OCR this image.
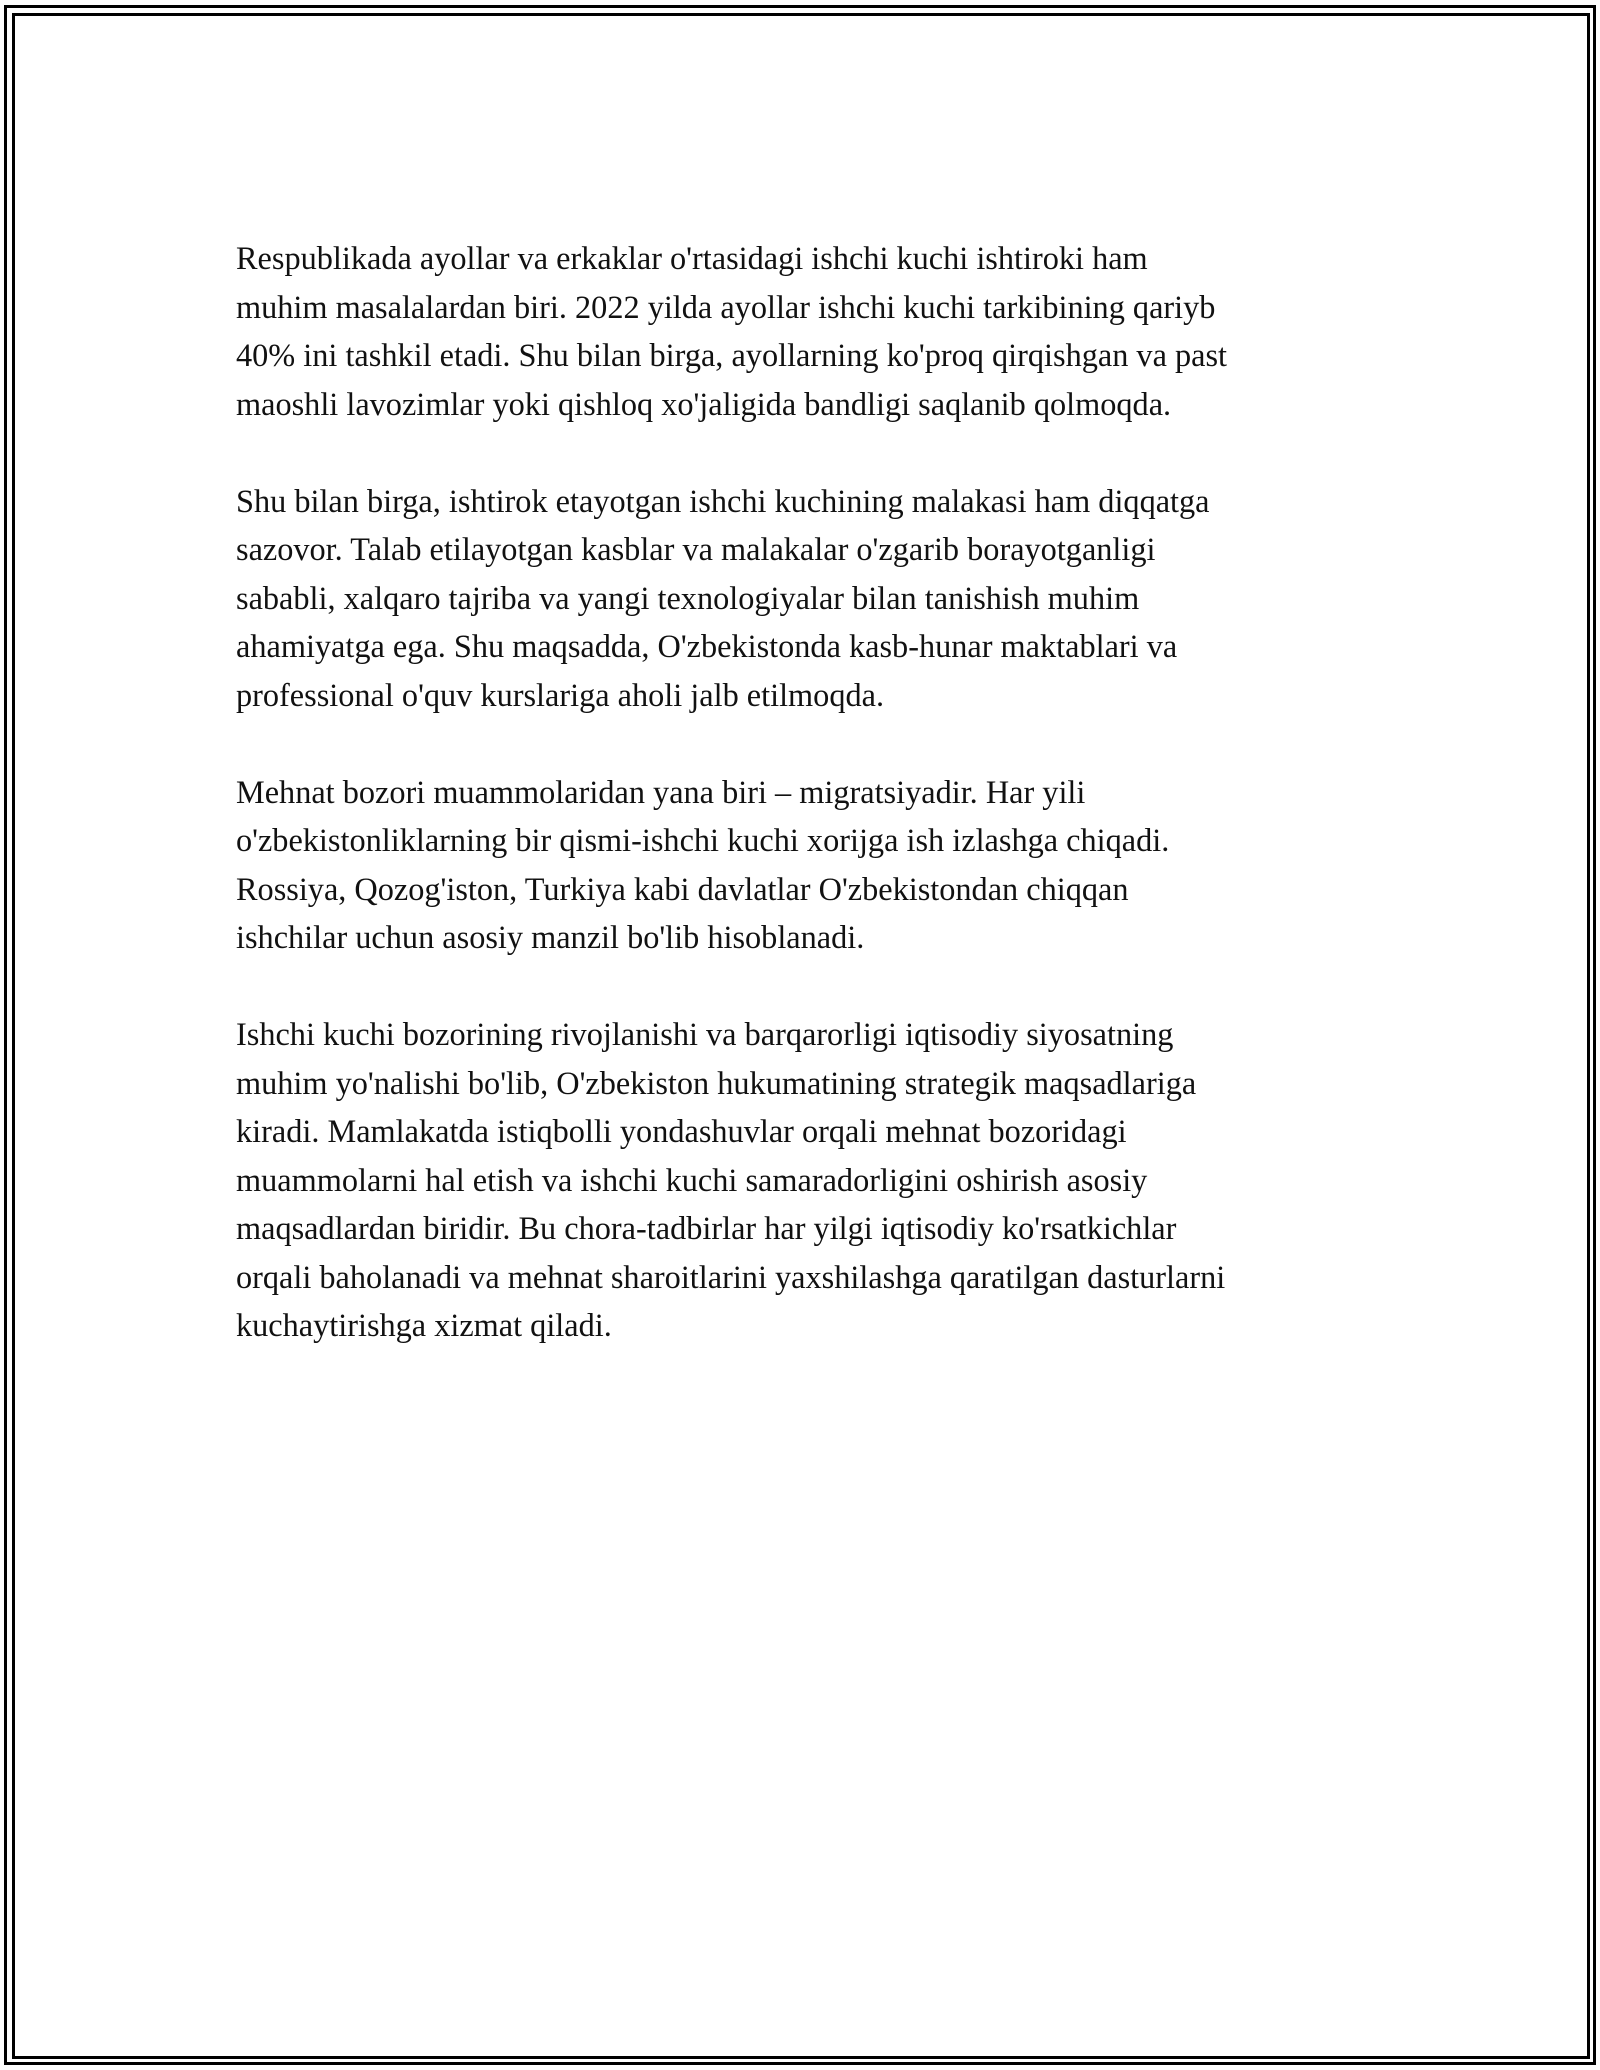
Respublikada ayollar va erkaklar o'rtasidagi ishchi kuchi ishtiroki ham
muhim masalalardan biri. 2022 yilda ayollar ishchi kuchi tarkibining qariyb
40% ini tashkil etadi. Shu bilan birga, ayollarning ko'proq qirqishgan va past
maoshli lavozimlar yoki qishloq xo'jaligida bandligi saqlanib qolmoqda.

Shu bilan birga, ishtirok etayotgan ishchi kuchining malakasi ham diqqatga
sazovor. Talab etilayotgan kasblar va malakalar o'zgarib borayotganligi
sababli, xalqaro tajriba va yangi texnologiyalar bilan tanishish muhim
ahamiyatga ega. Shu maqsadda, O'zbekistonda kasb-hunar maktablari va
professional o'quv kurslariga aholi jalb etilmoqda.

Mehnat bozori muammolaridan yana biri – migratsiyadir. Har yili
o'zbekistonliklarning bir qismi-ishchi kuchi xorijga ish izlashga chiqadi.
Rossiya, Qozog'iston, Turkiya kabi davlatlar O'zbekistondan chiqqan
ishchilar uchun asosiy manzil bo'lib hisoblanadi.

Ishchi kuchi bozorining rivojlanishi va barqarorligi iqtisodiy siyosatning
muhim yo'nalishi bo'lib, O'zbekiston hukumatining strategik maqsadlariga
kiradi. Mamlakatda istiqbolli yondashuvlar orqali mehnat bozoridagi
muammolarni hal etish va ishchi kuchi samaradorligini oshirish asosiy
maqsadlardan biridir. Bu chora-tadbirlar har yilgi iqtisodiy ko'rsatkichlar
orqali baholanadi va mehnat sharoitlarini yaxshilashga qaratilgan dasturlarni
kuchaytirishga xizmat qiladi.
